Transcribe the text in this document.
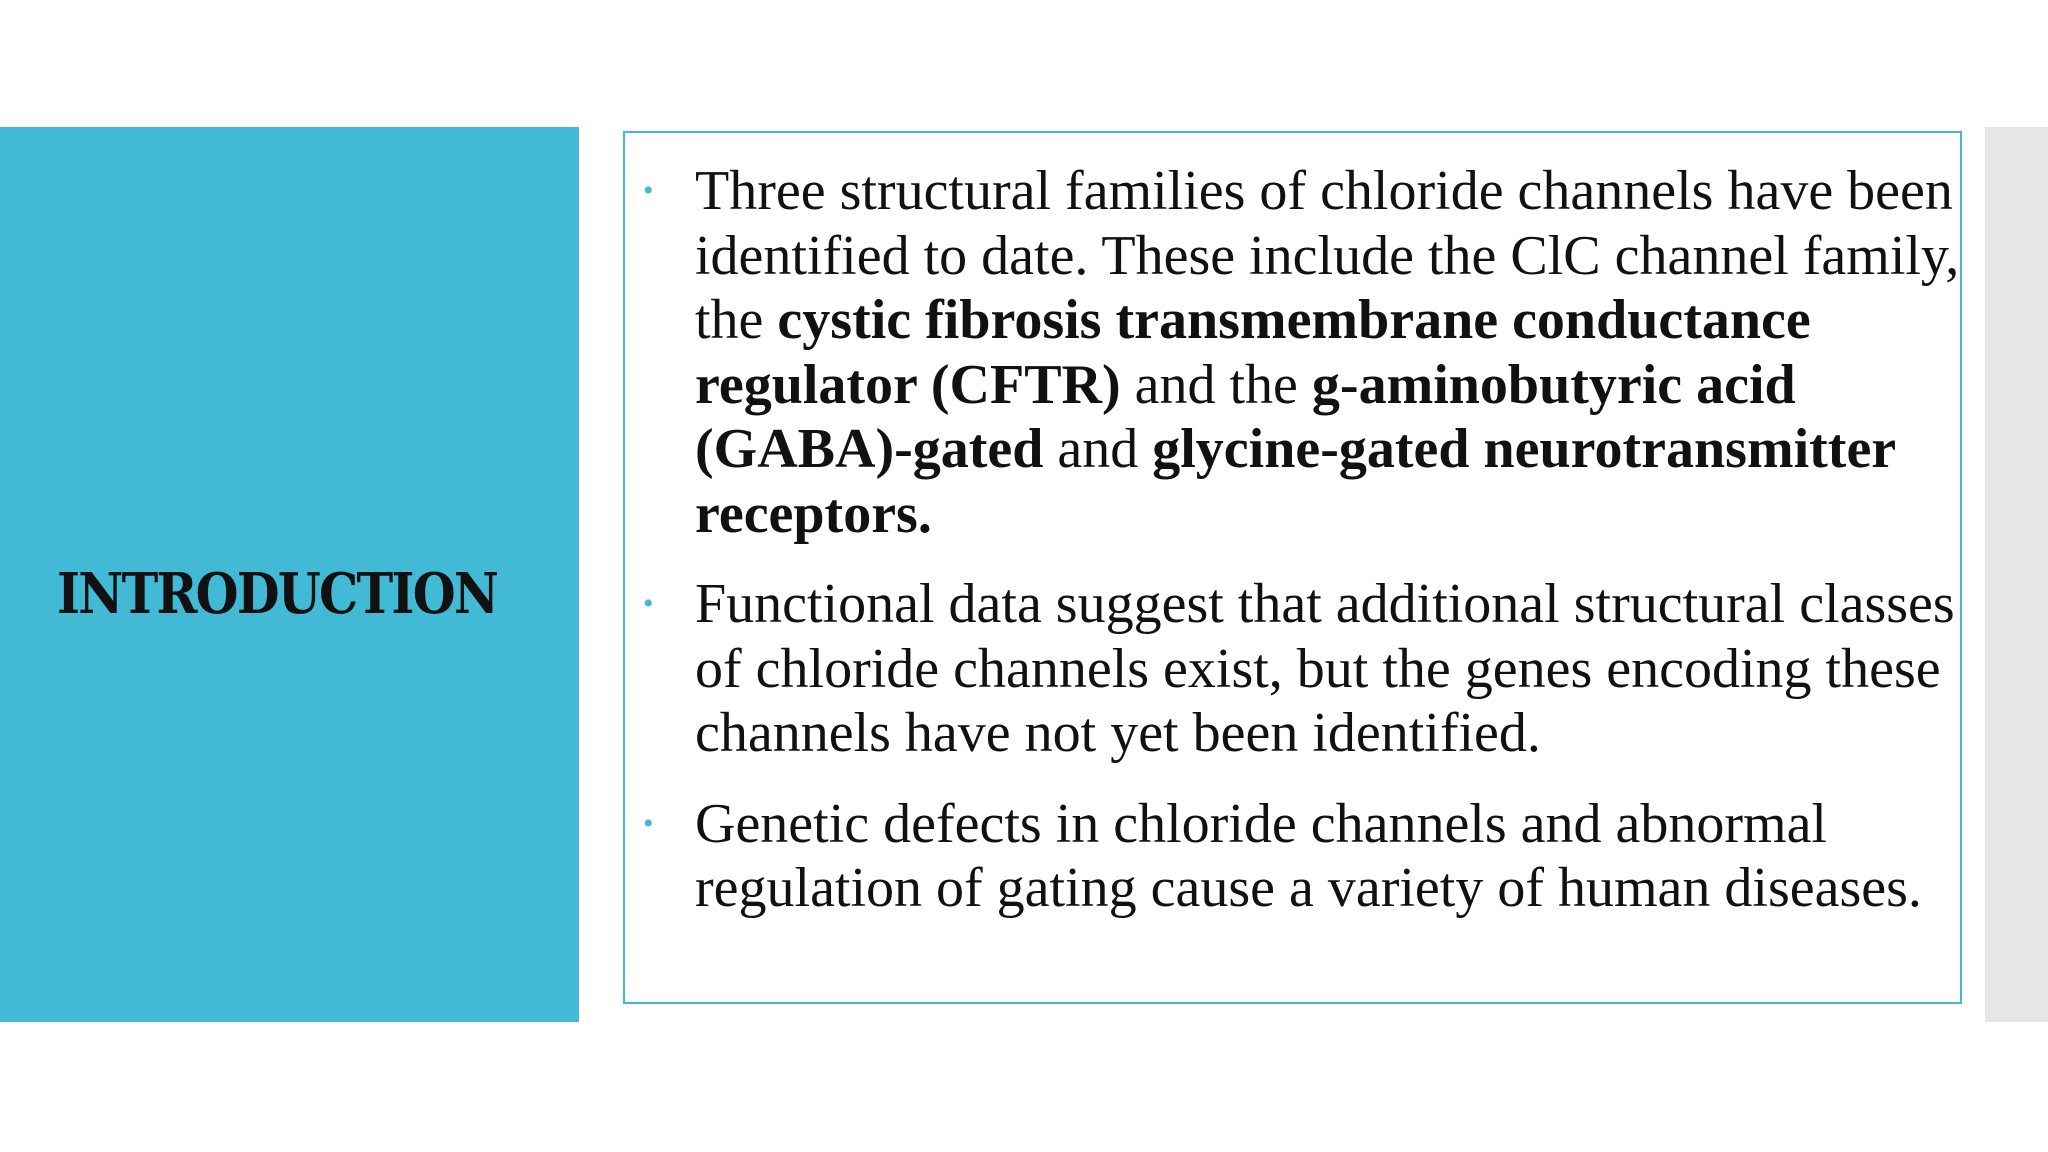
INTRODUCTION
• Three structural families of chloride channels have been identified to date. These include the ClC channel family, the cystic fibrosis transmembrane conductance regulator (CFTR) and the g-aminobutyric acid (GABA)-gated and glycine-gated neurotransmitter receptors.
• Functional data suggest that additional structural classes of chloride channels exist, but the genes encoding these channels have not yet been identified.
• Genetic defects in chloride channels and abnormal regulation of gating cause a variety of human diseases.
